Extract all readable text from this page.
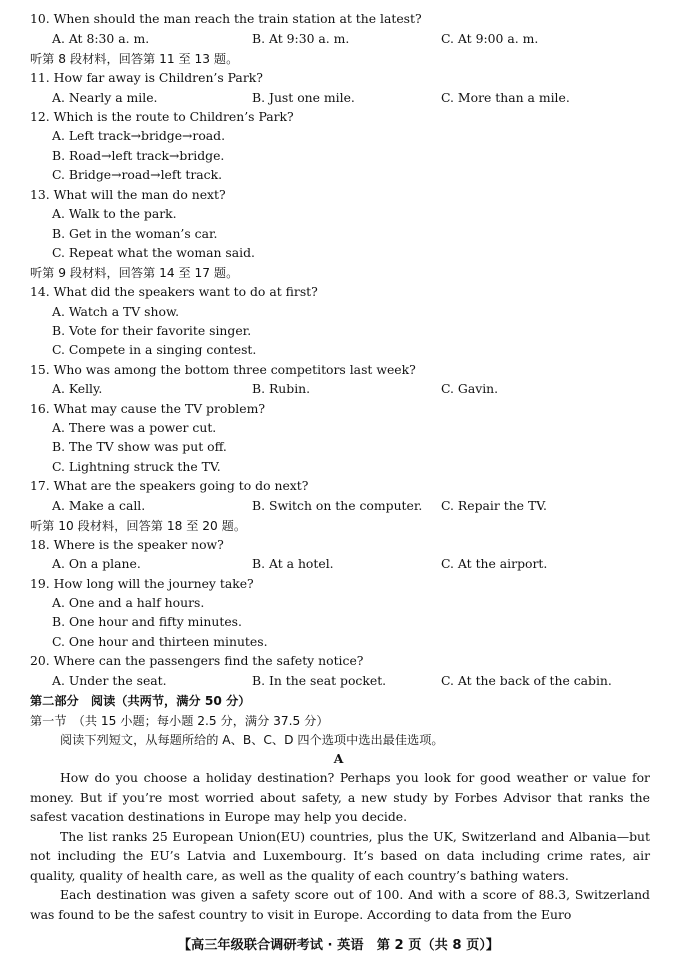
10. When should the man reach the train station at the latest?
A. At 8:30 a. m.	B. At 9:30 a. m.	C. At 9:00 a. m.
听第 8 段材料，回答第 11 至 13 题。
11. How far away is Children’s Park?
A. Nearly a mile.	B. Just one mile.	C. More than a mile.
12. Which is the route to Children’s Park?
A. Left track→bridge→road.
B. Road→left track→bridge.
C. Bridge→road→left track.
13. What will the man do next?
A. Walk to the park.
B. Get in the woman’s car.
C. Repeat what the woman said.
听第 9 段材料，回答第 14 至 17 题。
14. What did the speakers want to do at first?
A. Watch a TV show.
B. Vote for their favorite singer.
C. Compete in a singing contest.
15. Who was among the bottom three competitors last week?
A. Kelly.	B. Rubin.	C. Gavin.
16. What may cause the TV problem?
A. There was a power cut.
B. The TV show was put off.
C. Lightning struck the TV.
17. What are the speakers going to do next?
A. Make a call.	B. Switch on the computer. C. Repair the TV.
听第 10 段材料，回答第 18 至 20 题。
18. Where is the speaker now?
A. On a plane.	B. At a hotel.	C. At the airport.
19. How long will the journey take?
A. One and a half hours.
B. One hour and fifty minutes.
C. One hour and thirteen minutes.
20. Where can the passengers find the safety notice?
A. Under the seat.	B. In the seat pocket.	C. At the back of the cabin.
第二部分　阅读（共两节，满分 50 分）
第一节　（共 15 小题；每小题 2.5 分，满分 37.5 分）
阅读下列短文，从每题所给的 A、B、C、D 四个选项中选出最佳选项。
A

How do you choose a holiday destination? Perhaps you look for good weather or value for money. But if you’re most worried about safety, a new study by Forbes Advisor that ranks the safest vacation destinations in Europe may help you decide.

The list ranks 25 European Union(EU) countries, plus the UK, Switzerland and Albania—but not including the EU’s Latvia and Luxembourg. It’s based on data including crime rates, air quality, quality of health care, as well as the quality of each country’s bathing waters.

Each destination was given a safety score out of 100. And with a score of 88.3, Switzerland was found to be the safest country to visit in Europe. According to data from the Euro

【高三年级联合调研考试 · 英语　第 2 页（共 8 页）】
